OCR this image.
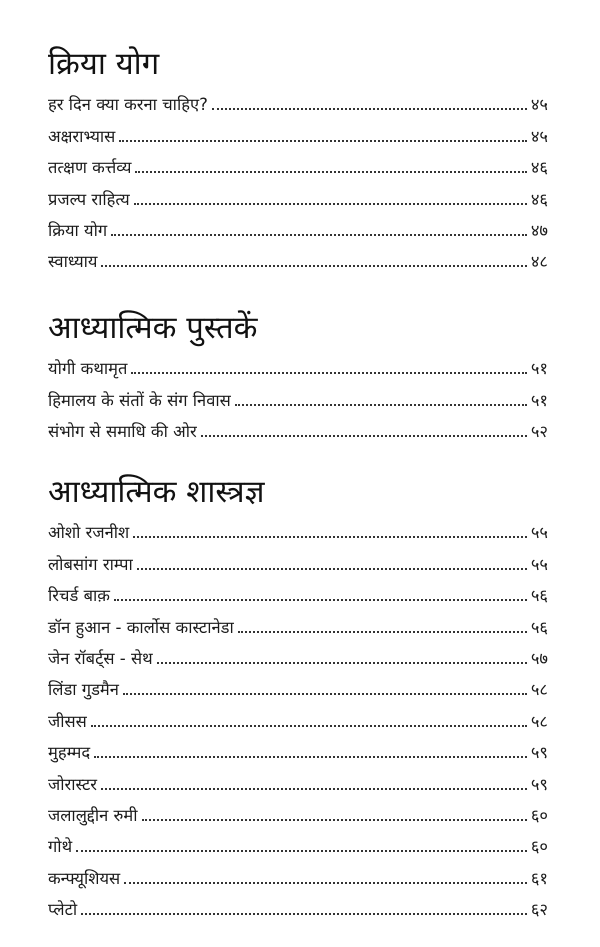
क्रिया योग
हर दिन क्या करना चाहिए?	४५
अक्षराभ्यास	४५
तत्क्षण कर्त्तव्य	४६
प्रजल्प राहित्य	४६
क्रिया योग	४७
स्वाध्याय	४८
आध्यात्मिक पुस्तकें
योगी कथामृत	५१
हिमालय के संतों के संग निवास	५१
संभोग से समाधि की ओर	५२
आध्यात्मिक शास्त्रज्ञ
ओशो रजनीश	५५
लोबसांग राम्पा	५५
रिचर्ड बाक़	५६
डॉन हुआन - कार्लोस कास्टानेडा	५६
जेन रॉबर्ट्स - सेथ	५७
लिंडा गुडमैन	५८
जीसस	५८
मुहम्मद	५९
जोरास्टर	५९
जलालुद्दीन रुमी	६०
गोथे	६०
कन्फ्यूशियस	६१
प्लेटो	६२
